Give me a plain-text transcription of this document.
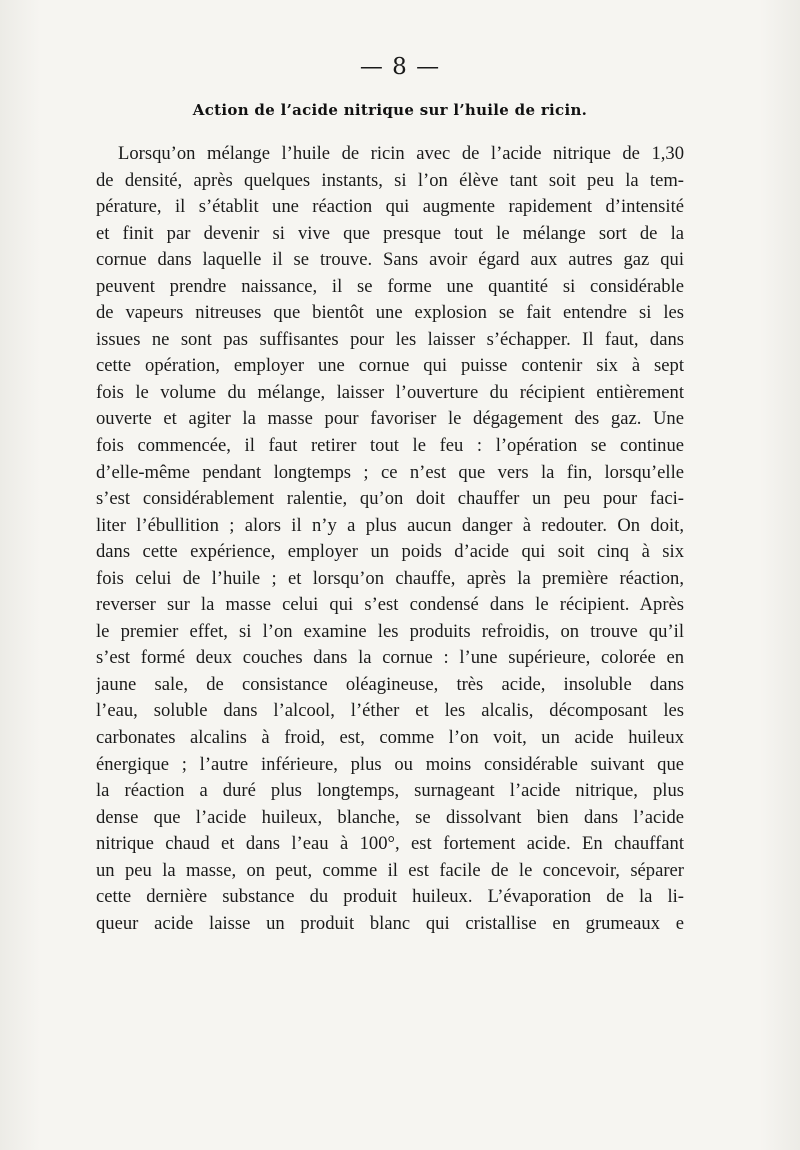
— 8 —
Action de l’acide nitrique sur l’huile de ricin.
Lorsqu’on mélange l’huile de ricin avec de l’acide nitrique de 1,30
de densité, après quelques instants, si l’on élève tant soit peu la tem-
pérature, il s’établit une réaction qui augmente rapidement d’intensité
et finit par devenir si vive que presque tout le mélange sort de la
cornue dans laquelle il se trouve. Sans avoir égard aux autres gaz qui
peuvent prendre naissance, il se forme une quantité si considérable
de vapeurs nitreuses que bientôt une explosion se fait entendre si les
issues ne sont pas suffisantes pour les laisser s’échapper. Il faut, dans
cette opération, employer une cornue qui puisse contenir six à sept
fois le volume du mélange, laisser l’ouverture du récipient entièrement
ouverte et agiter la masse pour favoriser le dégagement des gaz. Une
fois commencée, il faut retirer tout le feu : l’opération se continue
d’elle-même pendant longtemps ; ce n’est que vers la fin, lorsqu’elle
s’est considérablement ralentie, qu’on doit chauffer un peu pour faci-
liter l’ébullition ; alors il n’y a plus aucun danger à redouter. On doit,
dans cette expérience, employer un poids d’acide qui soit cinq à six
fois celui de l’huile ; et lorsqu’on chauffe, après la première réaction,
reverser sur la masse celui qui s’est condensé dans le récipient. Après
le premier effet, si l’on examine les produits refroidis, on trouve qu’il
s’est formé deux couches dans la cornue : l’une supérieure, colorée en
jaune sale, de consistance oléagineuse, très acide, insoluble dans
l’eau, soluble dans l’alcool, l’éther et les alcalis, décomposant les
carbonates alcalins à froid, est, comme l’on voit, un acide huileux
énergique ; l’autre inférieure, plus ou moins considérable suivant que
la réaction a duré plus longtemps, surnageant l’acide nitrique, plus
dense que l’acide huileux, blanche, se dissolvant bien dans l’acide
nitrique chaud et dans l’eau à 100°, est fortement acide. En chauffant
un peu la masse, on peut, comme il est facile de le concevoir, séparer
cette dernière substance du produit huileux. L’évaporation de la li-
queur acide laisse un produit blanc qui cristallise en grumeaux e
